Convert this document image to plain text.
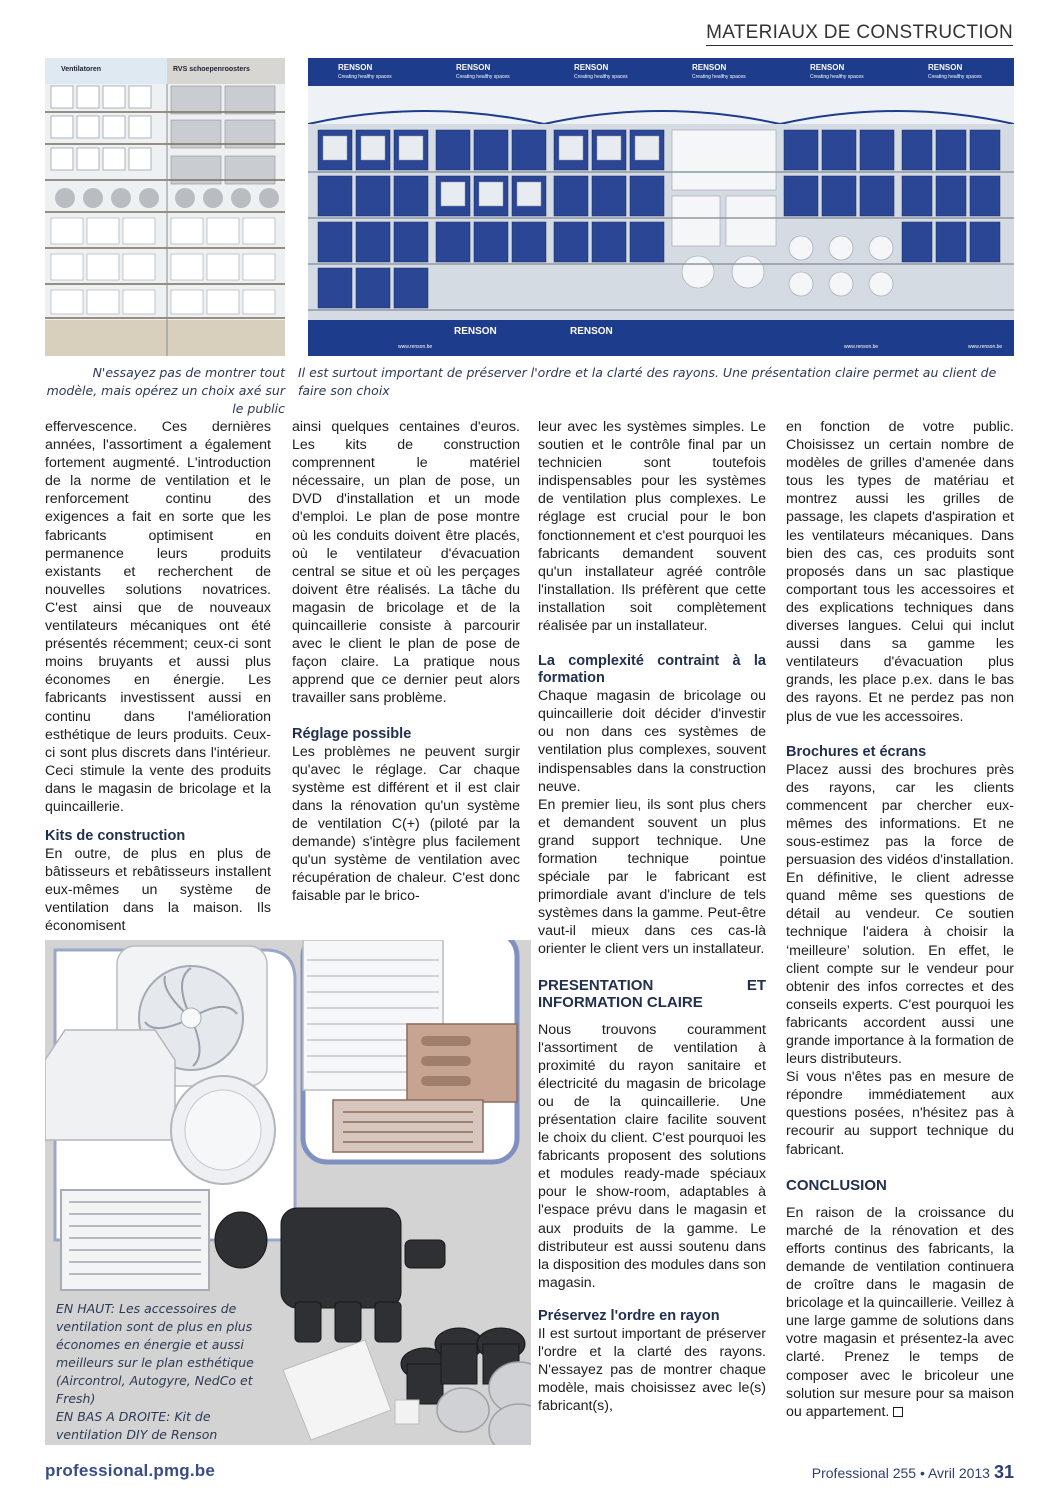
MATERIAUX DE CONSTRUCTION
Ventilatoren	RVS schoepenroosters	RENSON	RENSON	RENSON	RENSON	RENSON	RENSON
Creating healthy spaces	Creating healthy spaces	Creating healthy spaces	Creating healthy spaces	Creating healthy spaces	Creating healthy spaces
RENSON	RENSON
www.renson.be	www.renson.be	www.renson.be
N'essayez pas de montrer tout modèle, mais opérez un choix axé sur le public
Il est surtout important de préserver l'ordre et la clarté des rayons. Une présentation claire permet au client de faire son choix

effervescence. Ces dernières années, l'assortiment a également fortement augmenté. L'introduction de la norme de ventilation et le renforcement continu des exigences a fait en sorte que les fabricants optimisent en permanence leurs produits existants et recherchent de nouvelles solutions novatrices. C'est ainsi que de nouveaux ventilateurs mécaniques ont été présentés récemment; ceux-ci sont moins bruyants et aussi plus économes en énergie. Les fabricants investissent aussi en continu dans l'amélioration esthétique de leurs produits. Ceux-ci sont plus discrets dans l'intérieur. Ceci stimule la vente des produits dans le magasin de bricolage et la quincaillerie.

Kits de construction

En outre, de plus en plus de bâtisseurs et rebâtisseurs installent eux-mêmes un système de ventilation dans la maison. Ils économisent

ainsi quelques centaines d'euros. Les kits de construction comprennent le matériel nécessaire, un plan de pose, un DVD d'installation et un mode d'emploi. Le plan de pose montre où les conduits doivent être placés, où le ventilateur d'évacuation central se situe et où les perçages doivent être réalisés. La tâche du magasin de bricolage et de la quincaillerie consiste à parcourir avec le client le plan de pose de façon claire. La pratique nous apprend que ce dernier peut alors travailler sans problème.

Réglage possible

Les problèmes ne peuvent surgir qu'avec le réglage. Car chaque système est différent et il est clair dans la rénovation qu'un système de ventilation C(+) (piloté par la demande) s'intègre plus facilement qu'un système de ventilation avec récupération de chaleur. C'est donc faisable par le brico-

leur avec les systèmes simples. Le soutien et le contrôle final par un technicien sont toutefois indispensables pour les systèmes de ventilation plus complexes. Le réglage est crucial pour le bon fonctionnement et c'est pourquoi les fabricants demandent souvent qu'un installateur agréé contrôle l'installation. Ils préfèrent que cette installation soit complètement réalisée par un installateur.

La complexité contraint à la formation

Chaque magasin de bricolage ou quincaillerie doit décider d'investir ou non dans ces systèmes de ventilation plus complexes, souvent indispensables dans la construction neuve.

En premier lieu, ils sont plus chers et demandent souvent un plus grand support technique. Une formation technique pointue spéciale par le fabricant est primordiale avant d'inclure de tels systèmes dans la gamme. Peut-être vaut-il mieux dans ces cas-là orienter le client vers un installateur.

PRESENTATION ET INFORMATION CLAIRE

Nous trouvons couramment l'assortiment de ventilation à proximité du rayon sanitaire et électricité du magasin de bricolage ou de la quincaillerie. Une présentation claire facilite souvent le choix du client. C'est pourquoi les fabricants proposent des solutions et modules ready-made spéciaux pour le show-room, adaptables à l'espace prévu dans le magasin et aux produits de la gamme. Le distributeur est aussi soutenu dans la disposition des modules dans son magasin.

Préservez l'ordre en rayon

Il est surtout important de préserver l'ordre et la clarté des rayons. N'essayez pas de montrer chaque modèle, mais choisissez avec le(s) fabricant(s),

en fonction de votre public. Choisissez un certain nombre de modèles de grilles d'amenée dans tous les types de matériau et montrez aussi les grilles de passage, les clapets d'aspiration et les ventilateurs mécaniques. Dans bien des cas, ces produits sont proposés dans un sac plastique comportant tous les accessoires et des explications techniques dans diverses langues. Celui qui inclut aussi dans sa gamme les ventilateurs d'évacuation plus grands, les place p.ex. dans le bas des rayons. Et ne perdez pas non plus de vue les accessoires.

Brochures et écrans

Placez aussi des brochures près des rayons, car les clients commencent par chercher eux-mêmes des informations. Et ne sous-estimez pas la force de persuasion des vidéos d'installation. En définitive, le client adresse quand même ses questions de détail au vendeur. Ce soutien technique l'aidera à choisir la ‘meilleure’ solution. En effet, le client compte sur le vendeur pour obtenir des infos correctes et des conseils experts. C'est pourquoi les fabricants accordent aussi une grande importance à la formation de leurs distributeurs.

Si vous n'êtes pas en mesure de répondre immédiatement aux questions posées, n'hésitez pas à recourir au support technique du fabricant.

CONCLUSION

En raison de la croissance du marché de la rénovation et des efforts continus des fabricants, la demande de ventilation continuera de croître dans le magasin de bricolage et la quincaillerie. Veillez à une large gamme de solutions dans votre magasin et présentez-la avec clarté. Prenez le temps de composer avec le bricoleur une solution sur mesure pour sa maison ou appartement.

EN HAUT: Les accessoires de ventilation sont de plus en plus économes en énergie et aussi meilleurs sur le plan esthétique (Aircontrol, Autogyre, NedCo et Fresh)
EN BAS A DROITE: Kit de ventilation DIY de Renson
professional.pmg.be	Professional 255 • Avril 2013 31
